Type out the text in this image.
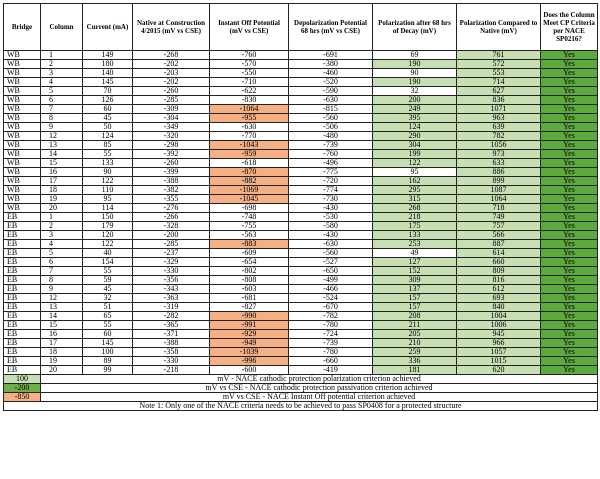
Bridge	Column	Current (mA)	Native at Construction 4/2015 (mV vs CSE)	Instant Off Potential (mV vs CSE)	Depolarization Potential 68 hrs (mV vs CSE)	Polarization after 68 hrs of Decay (mV)	Polarization Compared to Native (mV)	Does the Column Meet CP Criteria per NACE SP0216?
WB	1	149	-268	-760	-691	69	761	Yes
WB	2	180	-202	-570	-380	190	572	Yes
WB	3	140	-203	-550	-460	90	553	Yes
WB	4	145	-202	-710	-520	190	714	Yes
WB	5	70	-260	-622	-590	32	627	Yes
WB	6	126	-285	-830	-630	200	836	Yes
WB	7	60	-309	-1064	-815	249	1071	Yes
WB	8	45	-304	-955	-560	395	963	Yes
WB	9	50	-349	-630	-506	124	639	Yes
WB	12	124	-320	-770	-480	290	782	Yes
WB	13	85	-298	-1043	-739	304	1056	Yes
WB	14	55	-392	-959	-760	199	973	Yes
WB	15	133	-260	-618	-496	122	633	Yes
WB	16	90	-399	-870	-775	95	886	Yes
WB	17	122	-388	-882	-720	162	899	Yes
WB	18	110	-382	-1069	-774	295	1087	Yes
WB	19	95	-355	-1045	-730	315	1064	Yes
WB	20	114	-276	-698	-430	268	718	Yes
EB	1	150	-266	-748	-530	218	749	Yes
EB	2	179	-328	-755	-580	175	757	Yes
EB	3	120	-200	-563	-430	133	566	Yes
EB	4	122	-285	-883	-630	253	887	Yes
EB	5	40	-237	-609	-560	49	614	Yes
EB	6	154	-329	-654	-527	127	660	Yes
EB	7	55	-330	-802	-650	152	809	Yes
EB	8	59	-356	-808	-499	309	816	Yes
EB	9	45	-343	-603	-466	137	612	Yes
EB	12	32	-363	-681	-524	157	693	Yes
EB	13	51	-319	-827	-670	157	840	Yes
EB	14	65	-282	-990	-782	208	1004	Yes
EB	15	55	-365	-991	-780	211	1006	Yes
EB	16	60	-371	-929	-724	205	945	Yes
EB	17	145	-388	-949	-739	210	966	Yes
EB	18	100	-358	-1039	-780	259	1057	Yes
EB	19	89	-330	-996	-660	336	1015	Yes
EB	20	99	-218	-600	-419	181	620	Yes
100	mV - NACE cathodic protection polarization criterion achieved							
-200	mV vs CSE - NACE cathodic protection passivation criterion achieved							
-850	mV vs CSE - NACE Instant Off potential criterion achieved							
Note 1: Only one of the NACE criteria needs to be achieved to pass SP0408 for a protected structure								
